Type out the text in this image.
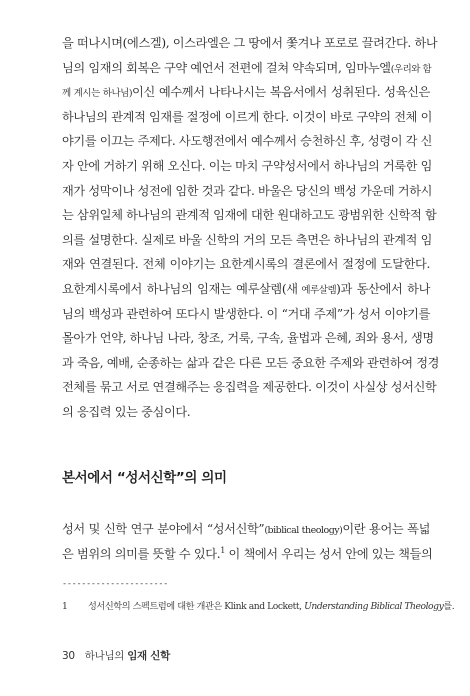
을 떠나시며(에스겔), 이스라엘은 그 땅에서 쫓겨나 포로로 끌려간다. 하나
님의 임재의 회복은 구약 예언서 전편에 걸쳐 약속되며, 임마누엘(우리와 함
께 계시는 하나님)이신 예수께서 나타나시는 복음서에서 성취된다. 성육신은
하나님의 관계적 임재를 절정에 이르게 한다. 이것이 바로 구약의 전체 이
야기를 이끄는 주제다. 사도행전에서 예수께서 승천하신 후, 성령이 각 신
자 안에 거하기 위해 오신다. 이는 마치 구약성서에서 하나님의 거룩한 임
재가 성막이나 성전에 임한 것과 같다. 바울은 당신의 백성 가운데 거하시
는 삼위일체 하나님의 관계적 임재에 대한 원대하고도 광범위한 신학적 함
의를 설명한다. 실제로 바울 신학의 거의 모든 측면은 하나님의 관계적 임
재와 연결된다. 전체 이야기는 요한계시록의 결론에서 절정에 도달한다.
요한계시록에서 하나님의 임재는 예루살렘(새 예루살렘)과 동산에서 하나
님의 백성과 관련하여 또다시 발생한다. 이 “거대 주제”가 성서 이야기를
몰아가 언약, 하나님 나라, 창조, 거룩, 구속, 율법과 은혜, 죄와 용서, 생명
과 죽음, 예배, 순종하는 삶과 같은 다른 모든 중요한 주제와 관련하여 정경
전체를 묶고 서로 연결해주는 응집력을 제공한다. 이것이 사실상 성서신학
의 응집력 있는 중심이다.
본서에서 “성서신학”의 의미
성서 및 신학 연구 분야에서 “성서신학”(biblical theology)이란 용어는 폭넓
은 범위의 의미를 뜻할 수 있다.$^1$ 이 책에서 우리는 성서 안에 있는 책들의
----------------------
1 성서신학의 스펙트럼에 대한 개관은 Klink and Lockett, Understanding Biblical Theology를.
30 하나님의 임재 신학
